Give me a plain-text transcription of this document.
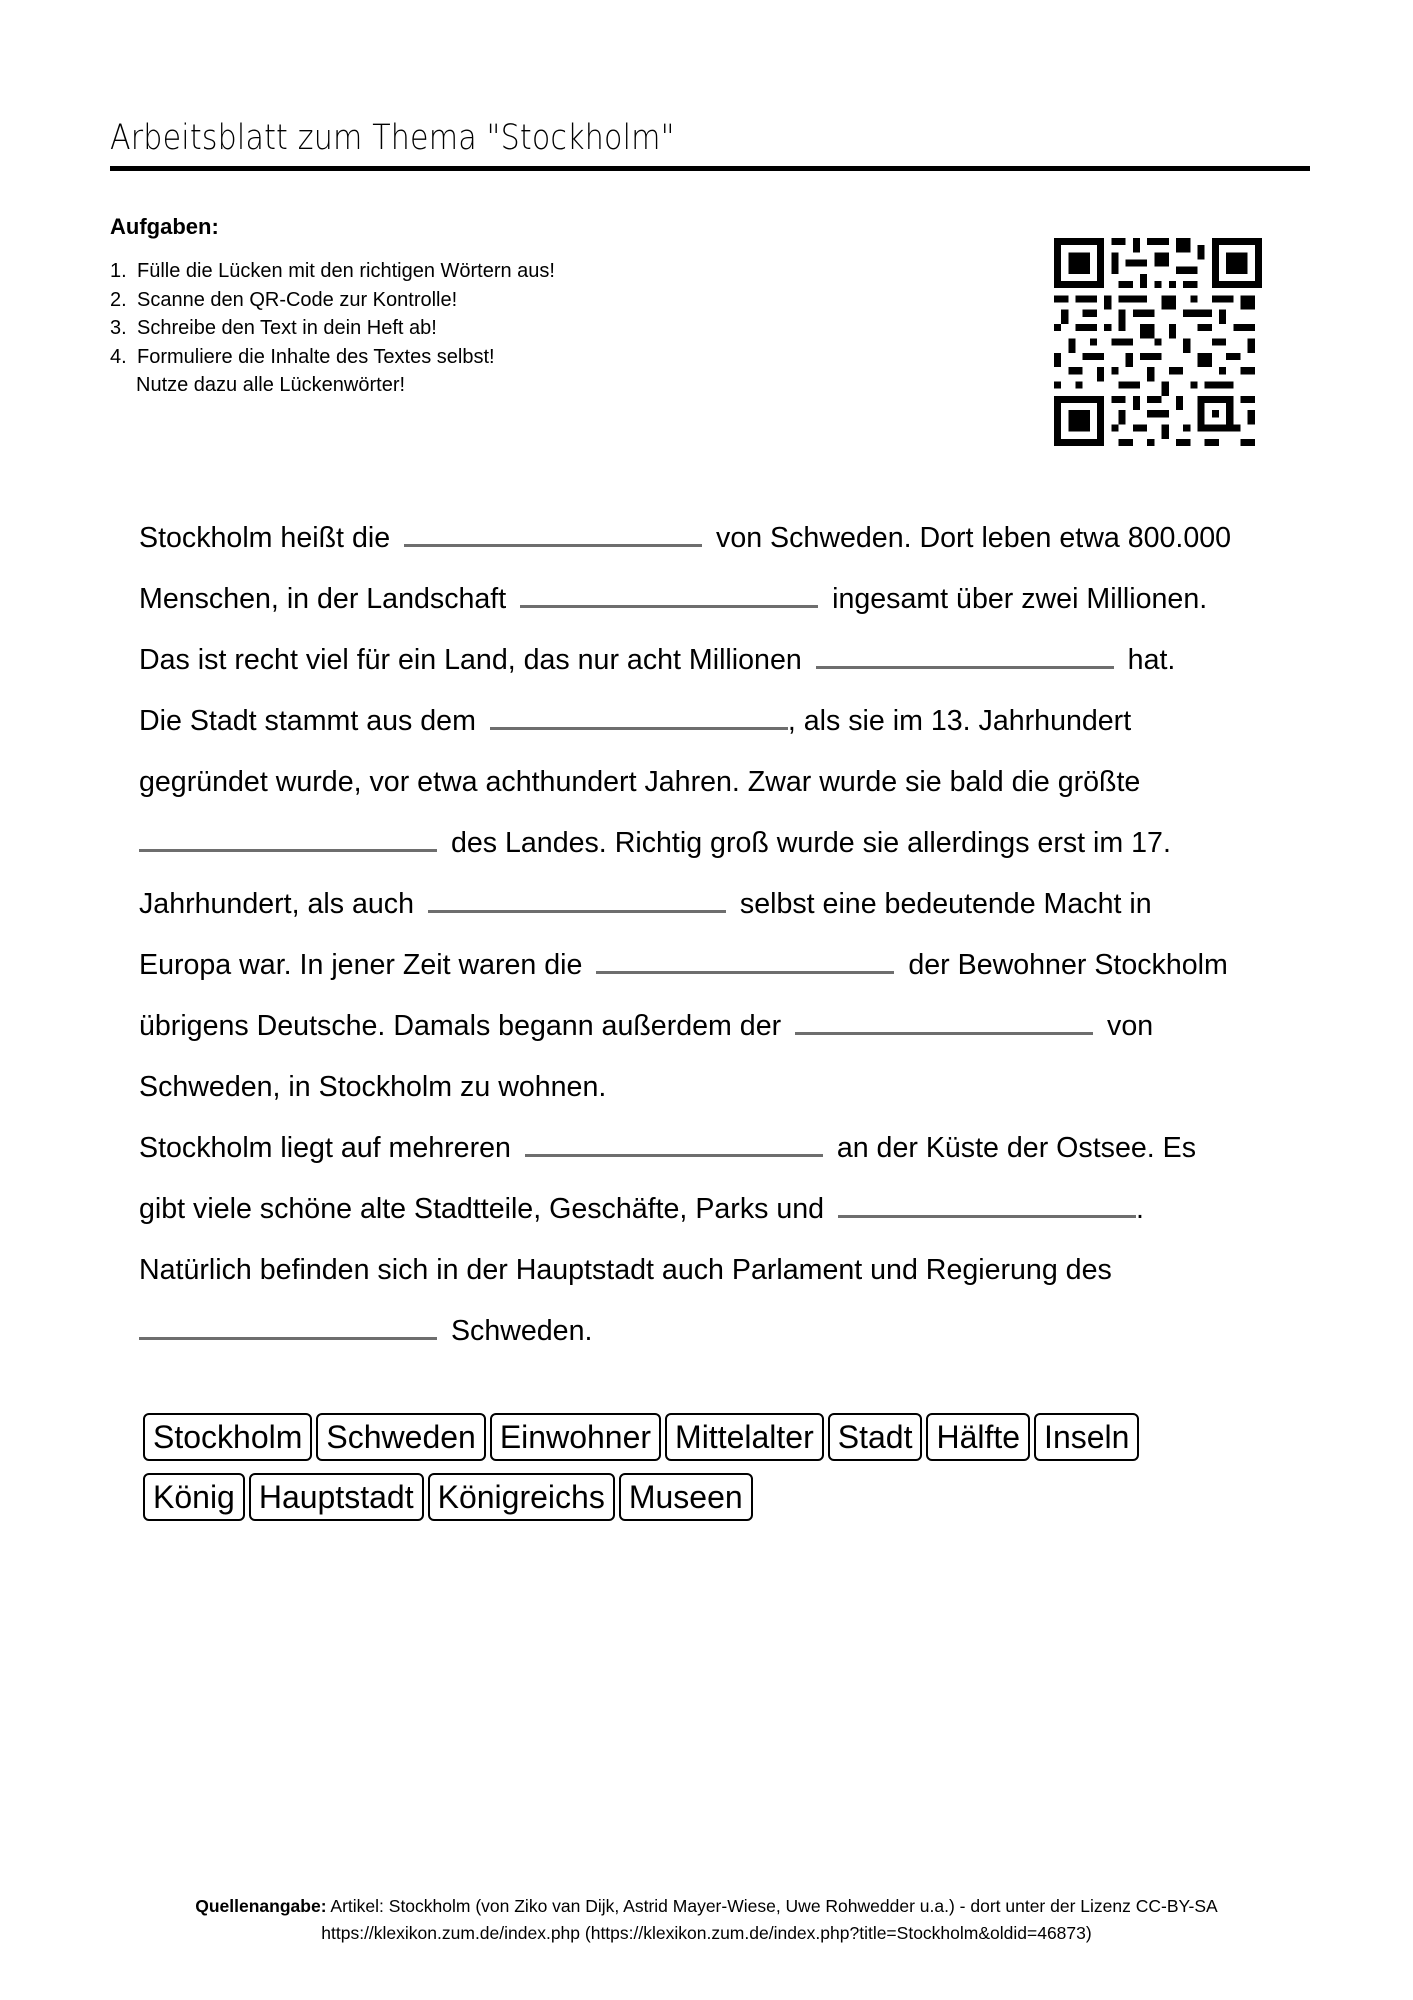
Arbeitsblatt zum Thema "Stockholm"
Aufgaben:
1. Fülle die Lücken mit den richtigen Wörtern aus!
2. Scanne den QR-Code zur Kontrolle!
3. Schreibe den Text in dein Heft ab!
4. Formuliere die Inhalte des Textes selbst!
Nutze dazu alle Lückenwörter!
Stockholm heißt die	von Schweden. Dort leben etwa 800.000
Menschen, in der Landschaft	ingesamt über zwei Millionen.
Das ist recht viel für ein Land, das nur acht Millionen	hat.
Die Stadt stammt aus dem	, als sie im 13. Jahrhundert
gegründet wurde, vor etwa achthundert Jahren. Zwar wurde sie bald die größte
des Landes. Richtig groß wurde sie allerdings erst im 17.
Jahrhundert, als auch	selbst eine bedeutende Macht in
Europa war. In jener Zeit waren die	der Bewohner Stockholm
übrigens Deutsche. Damals begann außerdem der	von
Schweden, in Stockholm zu wohnen.
Stockholm liegt auf mehreren	an der Küste der Ostsee. Es
gibt viele schöne alte Stadtteile, Geschäfte, Parks und	.
Natürlich befinden sich in der Hauptstadt auch Parlament und Regierung des
Schweden.
Stockholm Schweden Einwohner Mittelalter Stadt Hälfte Inseln
König Hauptstadt Königreichs Museen
Quellenangabe: Artikel: Stockholm (von Ziko van Dijk, Astrid Mayer-Wiese, Uwe Rohwedder u.a.) - dort unter der Lizenz CC-BY-SA
https://klexikon.zum.de/index.php (https://klexikon.zum.de/index.php?title=Stockholm&oldid=46873)
